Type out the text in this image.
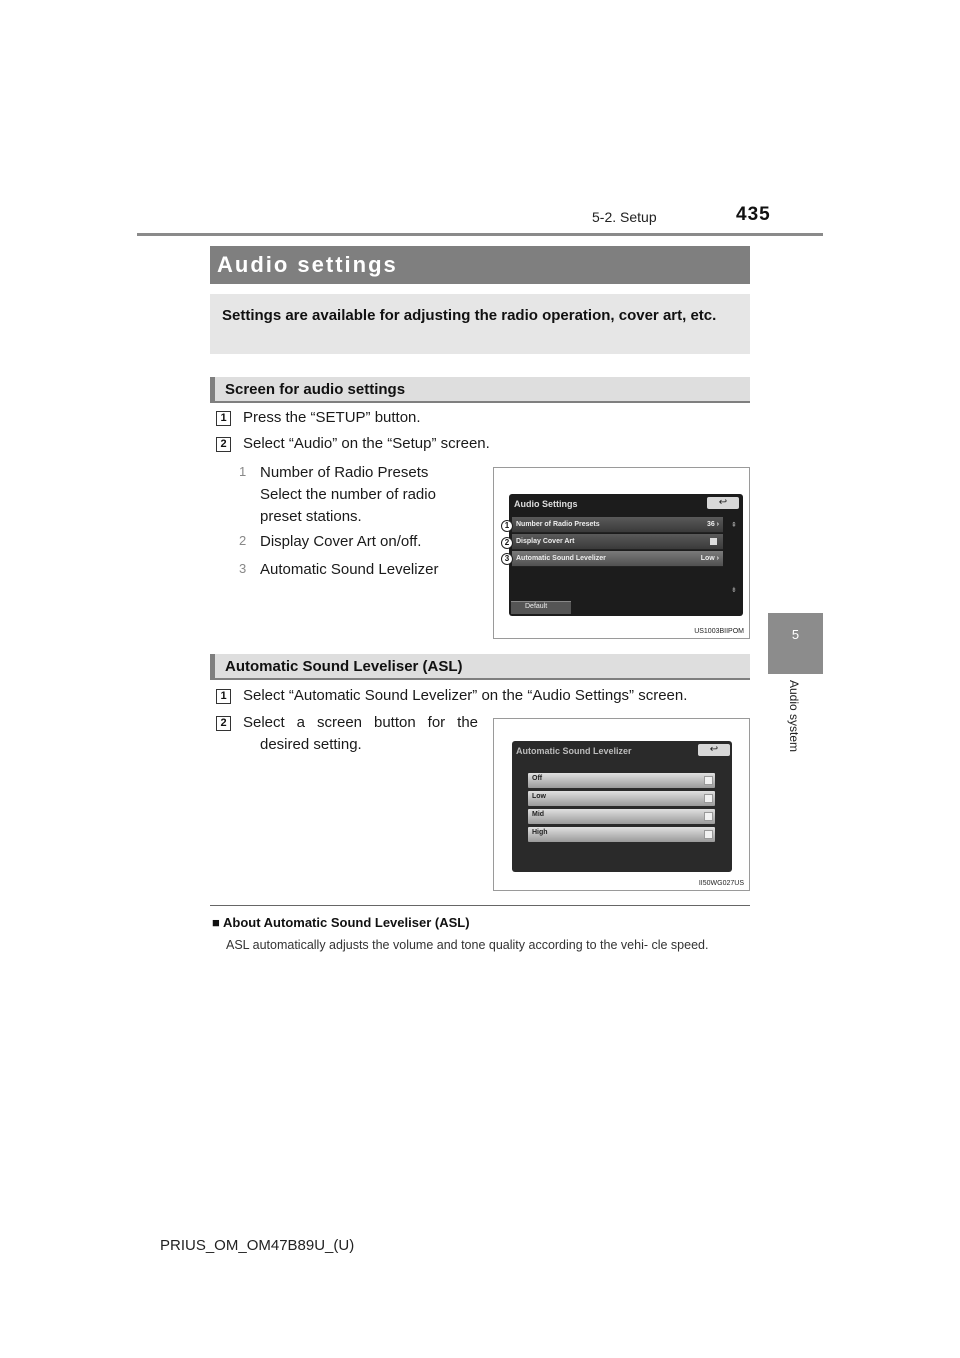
5-2. Setup	435
5
Audio system
Audio settings
Settings are available for adjusting the radio operation, cover art, etc.
Screen for audio settings
1 Press the “SETUP” button.
2 Select “Audio” on the “Setup” screen.
1 Number of Radio Presets
Select the number of radio
preset stations.
2 Display Cover Art on/off.
3 Automatic Sound Levelizer
Audio Settings	↩
Number of Radio Presets	36 ›
Display Cover Art
Automatic Sound Levelizer	Low ›
⇞
⇟
Default
1
2
3
US1003BIIPOM
Automatic Sound Leveliser (ASL)
1 Select “Automatic Sound Levelizer” on the “Audio Settings” screen.
2 Select a screen button for the
desired setting.	Automatic Sound Levelizer	↩
Off
Low
Mid
High
II50WG027US
■ About Automatic Sound Leveliser (ASL)
ASL automatically adjusts the volume and tone quality according to the vehi- cle speed.
PRIUS_OM_OM47B89U_(U)
